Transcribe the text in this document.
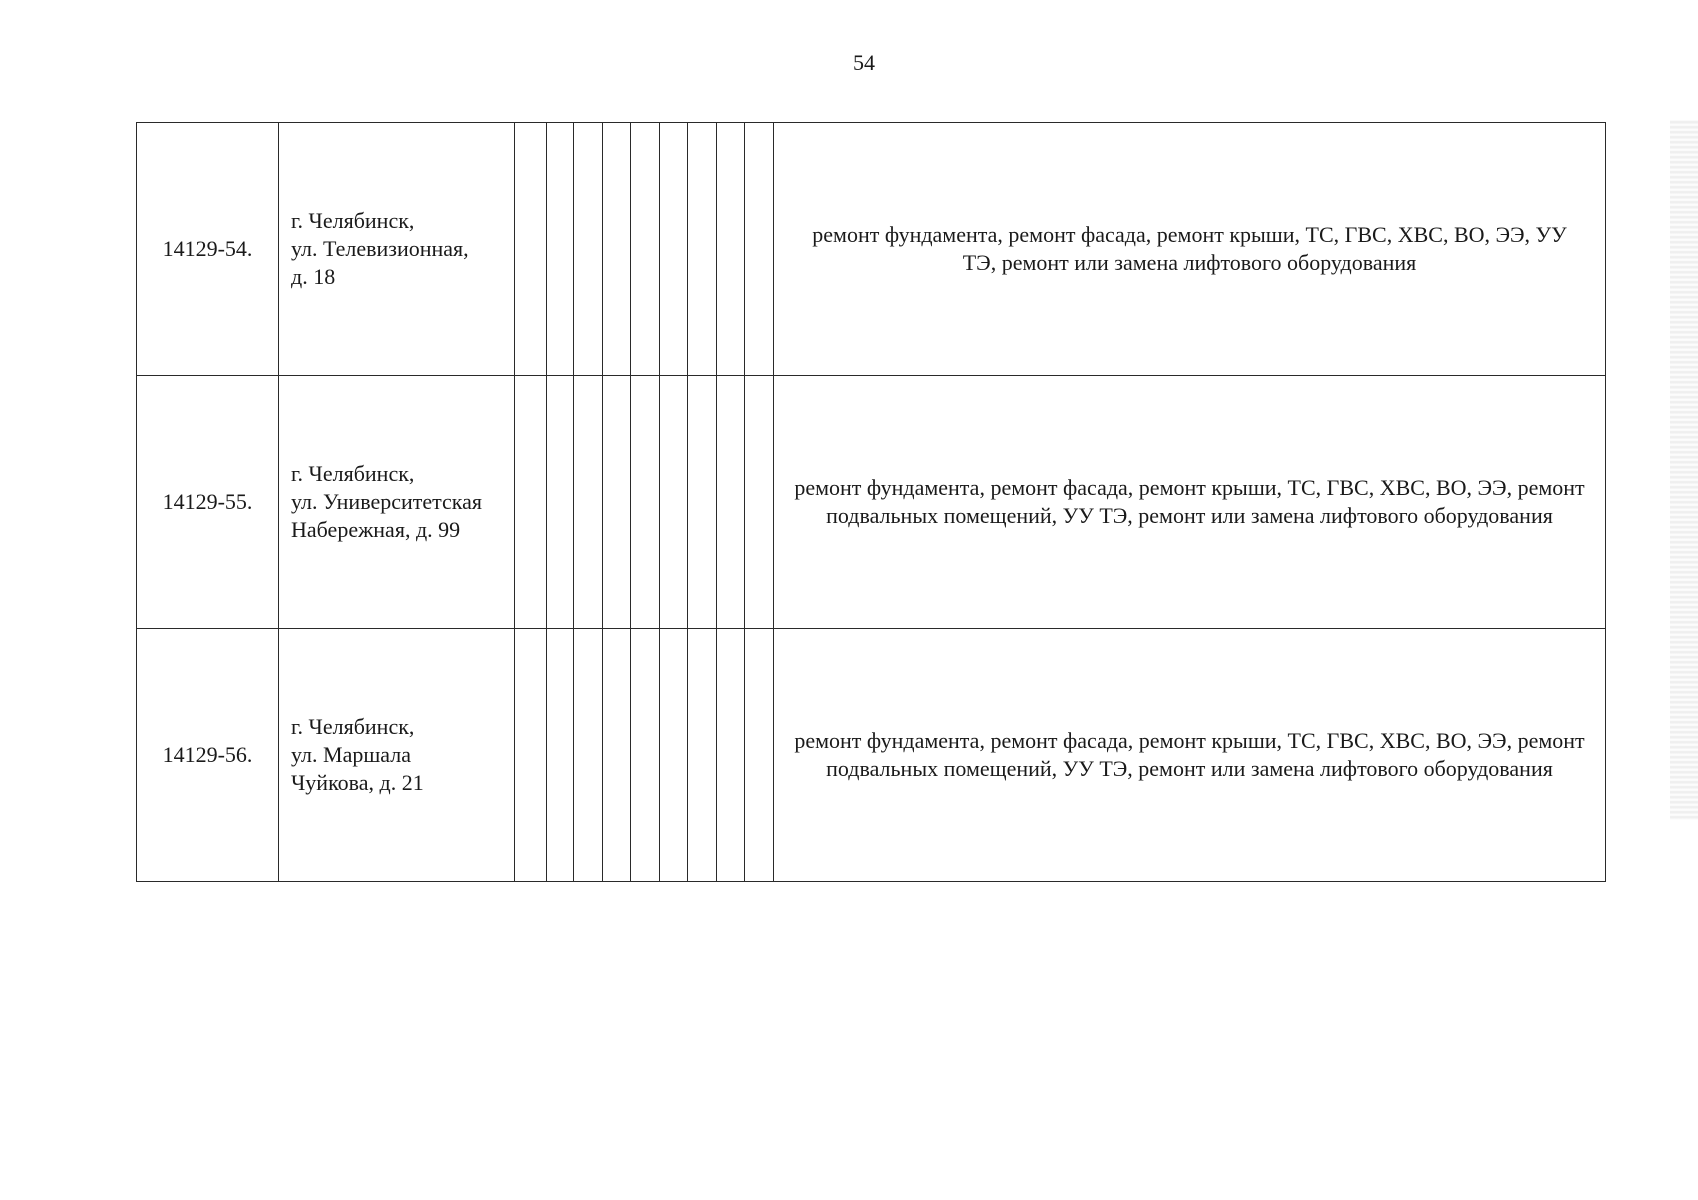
54
14129-54.	г. Челябинск,
ул. Телевизионная,
д. 18										ремонт фундамента, ремонт фасада, ремонт крыши, ТС, ГВС, ХВС, ВО, ЭЭ, УУ ТЭ, ремонт или замена лифтового оборудования
14129-55.	г. Челябинск,
ул. Университетская
Набережная, д. 99										ремонт фундамента, ремонт фасада, ремонт крыши, ТС, ГВС, ХВС, ВО, ЭЭ, ремонт подвальных помещений, УУ ТЭ, ремонт или замена лифтового оборудования
14129-56.	г. Челябинск,
ул. Маршала
Чуйкова, д. 21										ремонт фундамента, ремонт фасада, ремонт крыши, ТС, ГВС, ХВС, ВО, ЭЭ, ремонт подвальных помещений, УУ ТЭ, ремонт или замена лифтового оборудования
